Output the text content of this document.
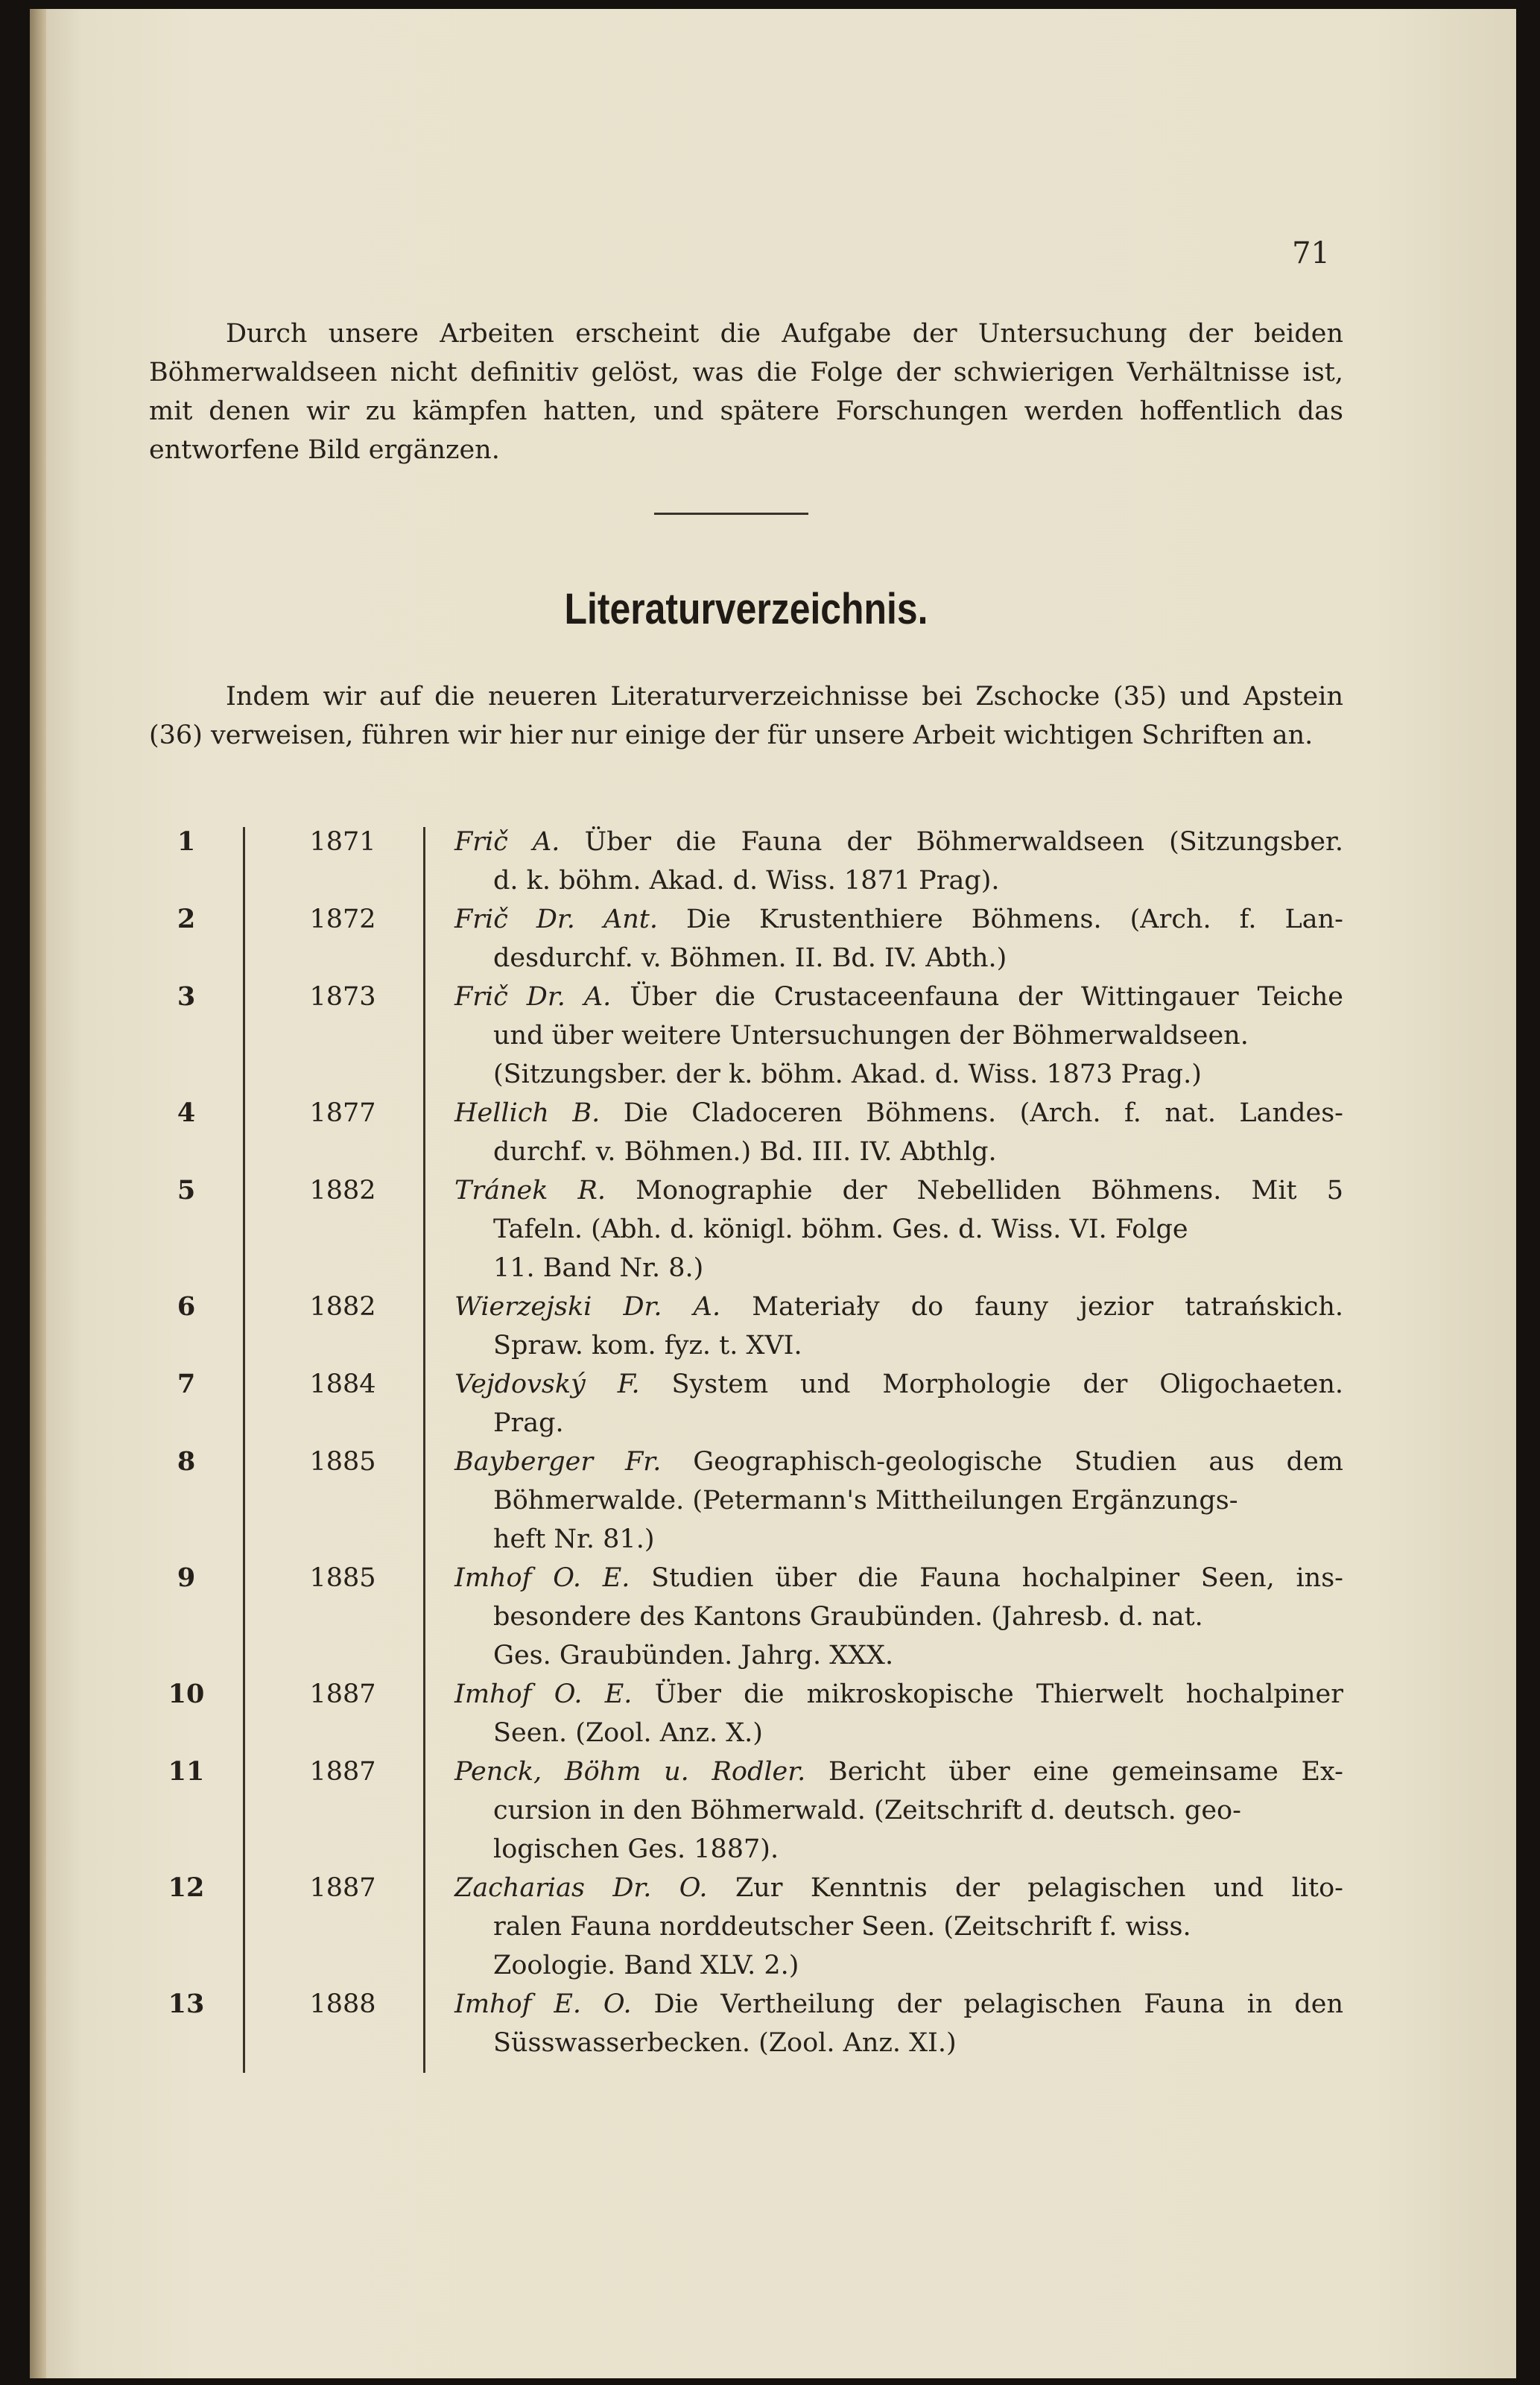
71
Durch unsere Arbeiten erscheint die Aufgabe der Untersuchung der beiden Böhmerwaldseen nicht definitiv gelöst, was die Folge der schwierigen Verhältnisse ist, mit denen wir zu kämpfen hatten, und spätere Forschungen werden hoffentlich das entworfene Bild ergänzen.
Literaturverzeichnis.
Indem wir auf die neueren Literaturverzeichnisse bei Zschocke (35) und Apstein (36) verweisen, führen wir hier nur einige der für unsere Arbeit wichtigen Schriften an.
1	1871	Frič A. Über die Fauna der Böhmerwaldseen (Sitzungsber.
d. k. böhm. Akad. d. Wiss. 1871 Prag).
2	1872	Frič Dr. Ant. Die Krustenthiere Böhmens. (Arch. f. Lan-
desdurchf. v. Böhmen. II. Bd. IV. Abth.)
3	1873	Frič Dr. A. Über die Crustaceenfauna der Wittingauer Teiche
und über weitere Untersuchungen der Böhmerwaldseen.
(Sitzungsber. der k. böhm. Akad. d. Wiss. 1873 Prag.)
4	1877	Hellich B. Die Cladoceren Böhmens. (Arch. f. nat. Landes-
durchf. v. Böhmen.) Bd. III. IV. Abthlg.
5	1882	Tránek R. Monographie der Nebelliden Böhmens. Mit 5
Tafeln. (Abh. d. königl. böhm. Ges. d. Wiss. VI. Folge
11. Band Nr. 8.)
6	1882	Wierzejski Dr. A. Materiały do fauny jezior tatrańskich.
Spraw. kom. fyz. t. XVI.
7	1884	Vejdovský F. System und Morphologie der Oligochaeten.
Prag.
8	1885	Bayberger Fr. Geographisch-geologische Studien aus dem
Böhmerwalde. (Petermann's Mittheilungen Ergänzungs-
heft Nr. 81.)
9	1885	Imhof O. E. Studien über die Fauna hochalpiner Seen, ins-
besondere des Kantons Graubünden. (Jahresb. d. nat.
Ges. Graubünden. Jahrg. XXX.
10	1887	Imhof O. E. Über die mikroskopische Thierwelt hochalpiner
Seen. (Zool. Anz. X.)
11	1887	Penck, Böhm u. Rodler. Bericht über eine gemeinsame Ex-
cursion in den Böhmerwald. (Zeitschrift d. deutsch. geo-
logischen Ges. 1887).
12	1887	Zacharias Dr. O. Zur Kenntnis der pelagischen und lito-
ralen Fauna norddeutscher Seen. (Zeitschrift f. wiss.
Zoologie. Band XLV. 2.)
13	1888	Imhof E. O. Die Vertheilung der pelagischen Fauna in den
Süsswasserbecken. (Zool. Anz. XI.)
